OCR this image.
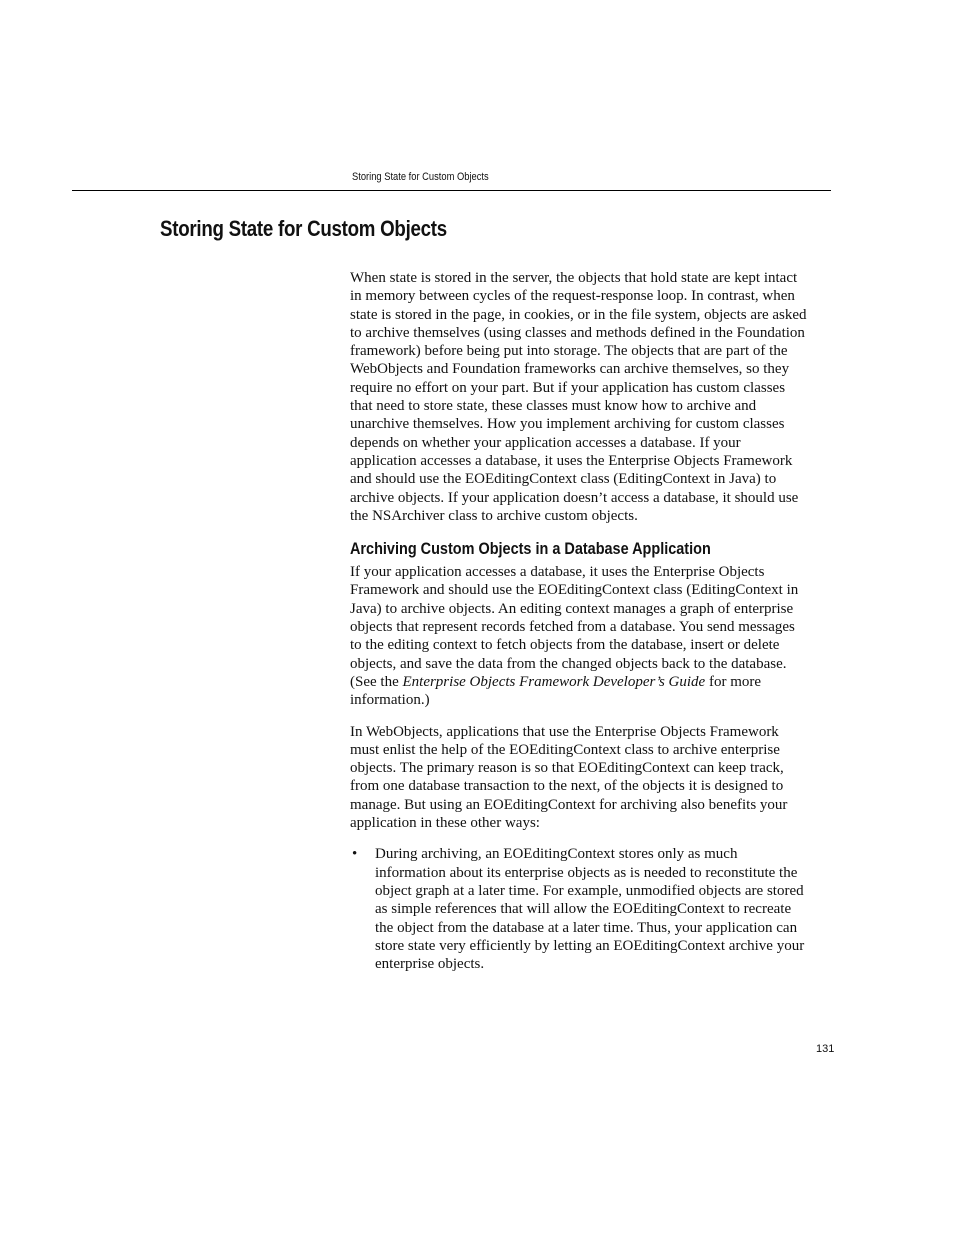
Storing State for Custom Objects
Storing State for Custom Objects

When state is stored in the server, the objects that hold state are kept intact in memory between cycles of the request-response loop. In contrast, when state is stored in the page, in cookies, or in the file system, objects are asked to archive themselves (using classes and methods defined in the Foundation framework) before being put into storage. The objects that are part of the WebObjects and Foundation frameworks can archive themselves, so they require no effort on your part. But if your application has custom classes that need to store state, these classes must know how to archive and unarchive themselves. How you implement archiving for custom classes depends on whether your application accesses a database. If your application accesses a database, it uses the Enterprise Objects Framework and should use the EOEditingContext class (EditingContext in Java) to archive objects. If your application doesn’t access a database, it should use the NSArchiver class to archive custom objects.

Archiving Custom Objects in a Database Application

If your application accesses a database, it uses the Enterprise Objects Framework and should use the EOEditingContext class (EditingContext in Java) to archive objects. An editing context manages a graph of enterprise objects that represent records fetched from a database. You send messages to the editing context to fetch objects from the database, insert or delete objects, and save the data from the changed objects back to the database. (See the Enterprise Objects Framework Developer’s Guide for more information.)

In WebObjects, applications that use the Enterprise Objects Framework must enlist the help of the EOEditingContext class to archive enterprise objects. The primary reason is so that EOEditingContext can keep track, from one database transaction to the next, of the objects it is designed to manage. But using an EOEditingContext for archiving also benefits your application in these other ways:

• During archiving, an EOEditingContext stores only as much information about its enterprise objects as is needed to reconstitute the object graph at a later time. For example, unmodified objects are stored as simple references that will allow the EOEditingContext to recreate the object from the database at a later time. Thus, your application can store state very efficiently by letting an EOEditingContext archive your enterprise objects.
131
